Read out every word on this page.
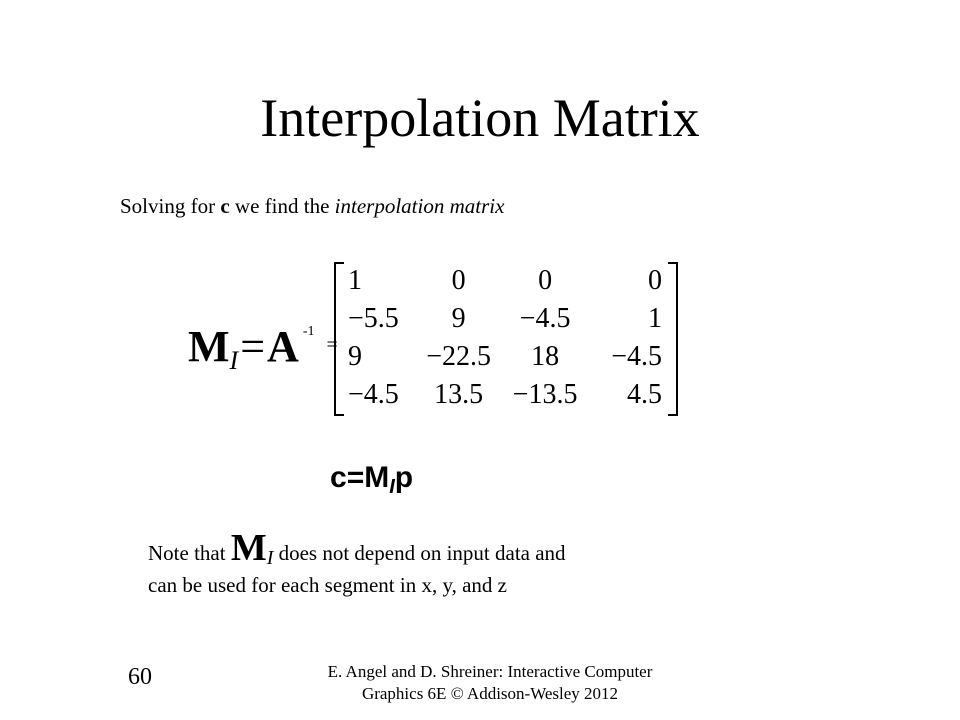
Interpolation Matrix
Solving for c we find the interpolation matrix
MI=A $^{-1=}$
1	0	0	0
−5.5	9	−4.5	1
9	−22.5	18	−4.5
−4.5	13.5	−13.5	4.5
$c=M_Ip$
Note that MI does not depend on input data and
can be used for each segment in x, y, and z
60	E. Angel and D. Shreiner: Interactive Computer
Graphics 6E © Addison-Wesley 2012
